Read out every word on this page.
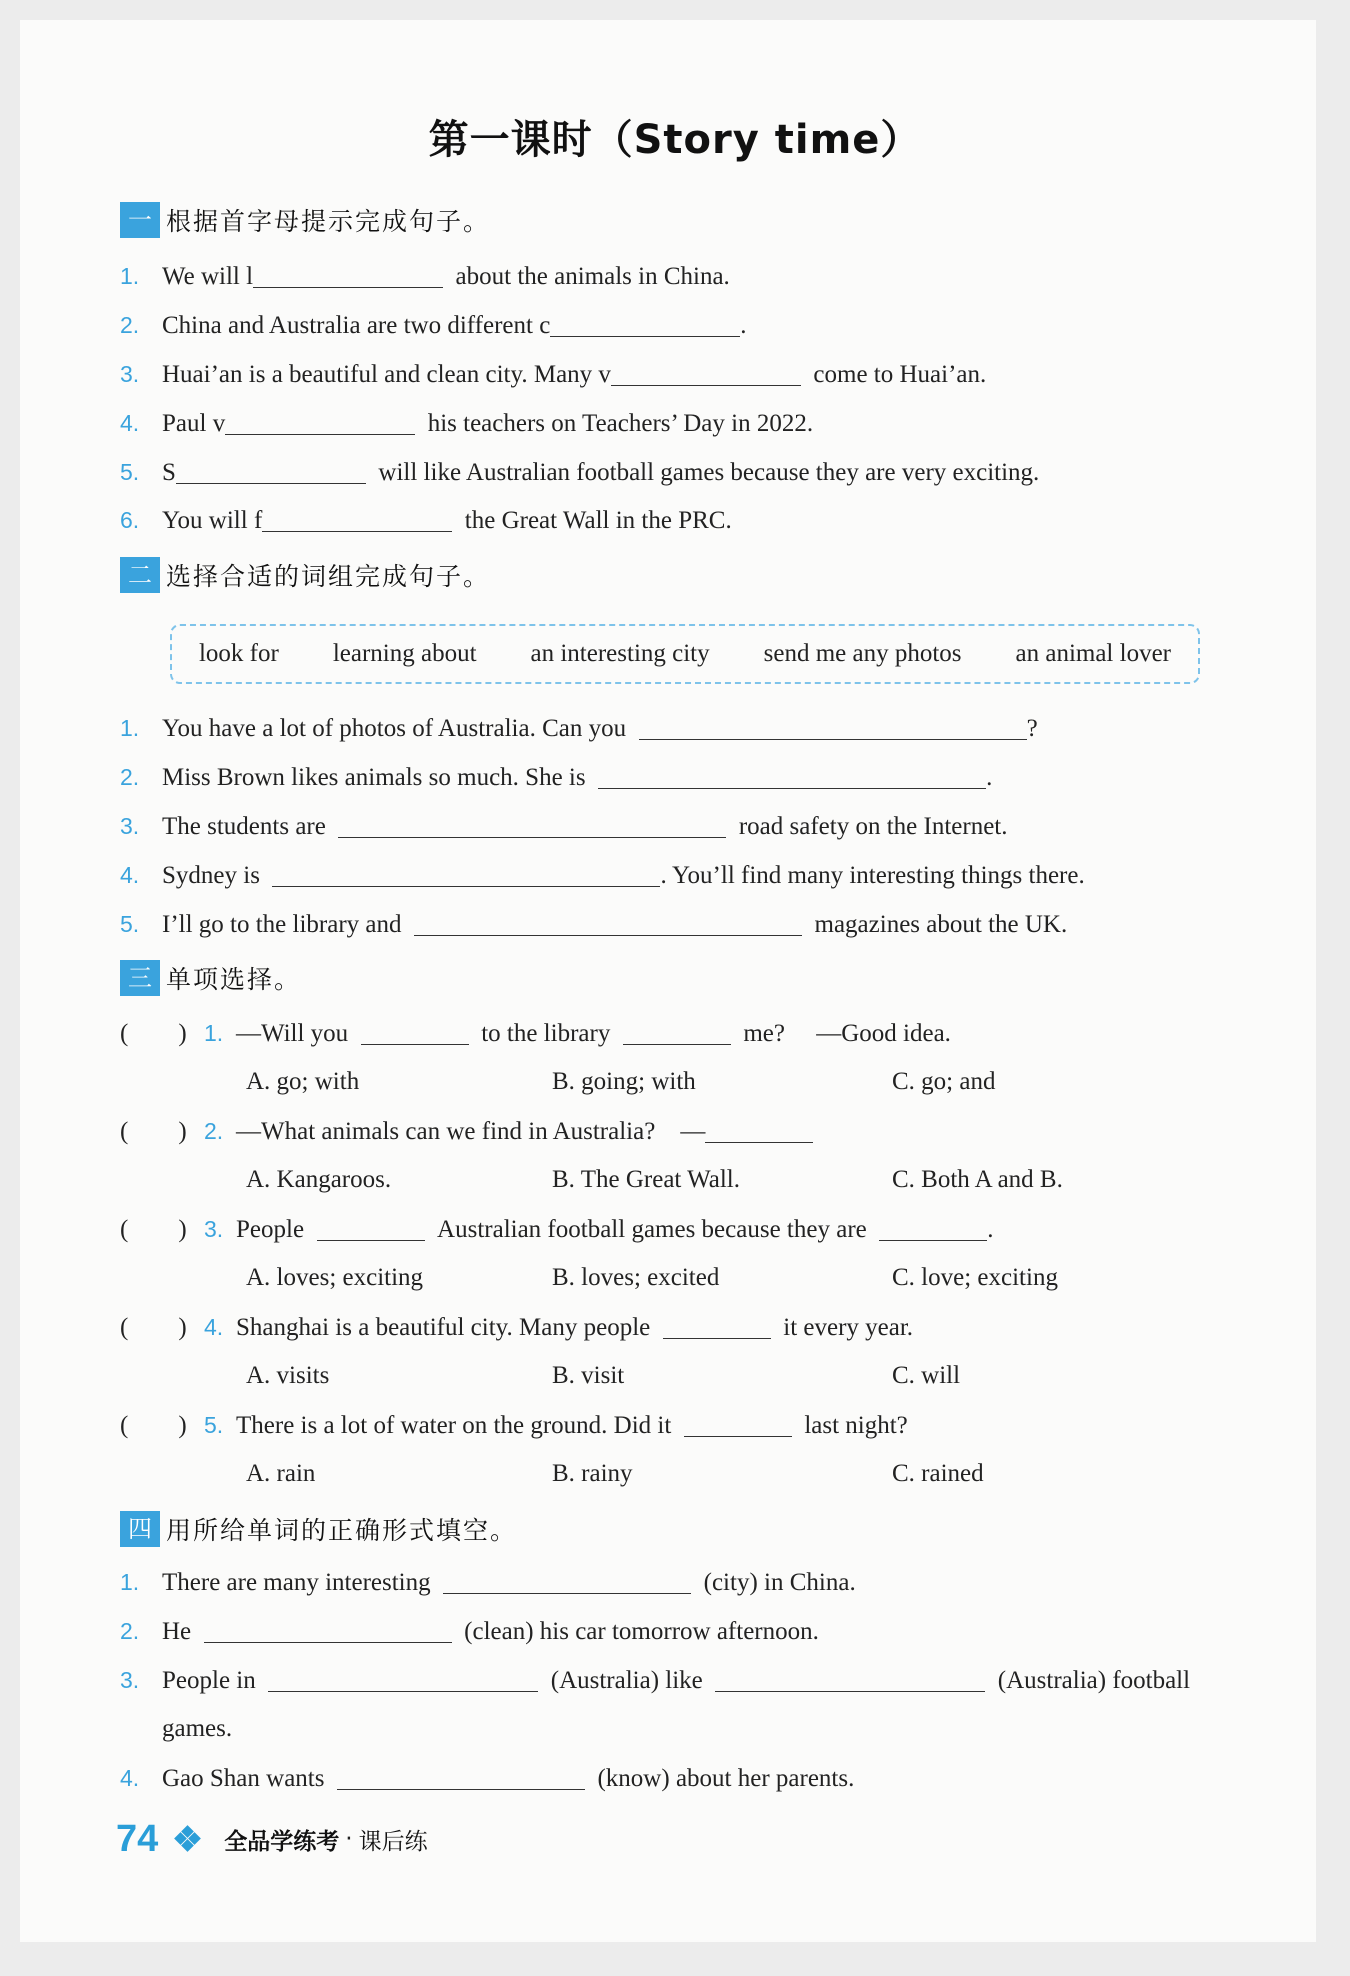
第一课时（Story time）
一 根据首字母提示完成句子。
1. We will l	about the animals in China.
2. China and Australia are two different c	.
3. Huai’an is a beautiful and clean city. Many v	come to Huai’an.
4. Paul v	his teachers on Teachers’ Day in 2022.
5. S	will like Australian football games because they are very exciting.
6. You will f	the Great Wall in the PRC.
二 选择合适的词组完成句子。
look for learning about an interesting city send me any photos an animal lover
1. You have a lot of photos of Australia. Can you	?
2. Miss Brown likes animals so much. She is	.
3. The students are	road safety on the Internet.
4. Sydney is	. You’ll find many interesting things there.
5. I’ll go to the library and	magazines about the UK.
三 单项选择。
(　　) 1. —Will you	to the library	me? —Good idea.
A. go; with	B. going; with	C. go; and
(　　) 2. —What animals can we find in Australia? —
A. Kangaroos.	B. The Great Wall.	C. Both A and B.
(　　) 3. People	Australian football games because they are	.
A. loves; exciting	B. loves; excited	C. love; exciting
(　　) 4. Shanghai is a beautiful city. Many people	it every year.
A. visits	B. visit	C. will
(　　) 5. There is a lot of water on the ground. Did it	last night?
A. rain	B. rainy	C. rained
四 用所给单词的正确形式填空。
1. There are many interesting	(city) in China.
2. He	(clean) his car tomorrow afternoon.
3. People in	(Australia) like	(Australia) football
games.
4. Gao Shan wants	(know) about her parents.
74	全品学练考 · 课后练
